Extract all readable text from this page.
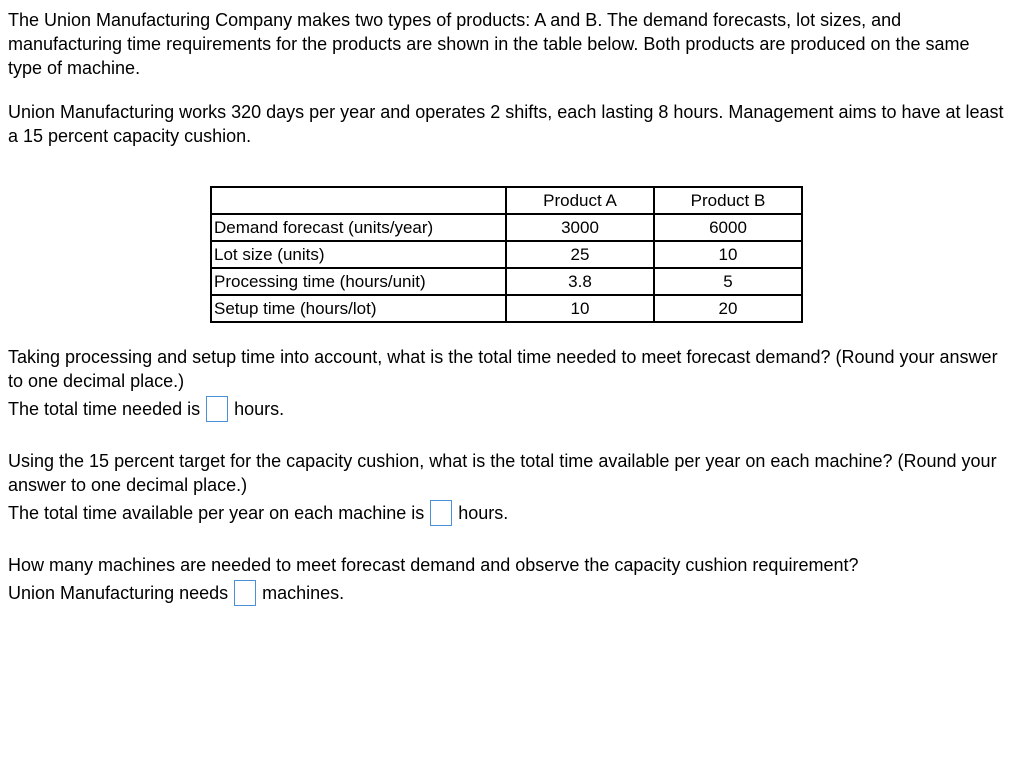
The Union Manufacturing Company makes two types of products: A and B. The demand forecasts, lot sizes, and manufacturing time requirements for the products are shown in the table below. Both products are produced on the same type of machine.

Union Manufacturing works 320 days per year and operates 2 shifts, each lasting 8 hours. Management aims to have at least a 15 percent capacity cushion.

	Product A	Product B
Demand forecast (units/year)	3000	6000
Lot size (units)	25	10
Processing time (hours/unit)	3.8	5
Setup time (hours/lot)	10	20

Taking processing and setup time into account, what is the total time needed to meet forecast demand? (Round your answer to one decimal place.)

The total time needed is hours.

Using the 15 percent target for the capacity cushion, what is the total time available per year on each machine? (Round your answer to one decimal place.)

The total time available per year on each machine is hours.

How many machines are needed to meet forecast demand and observe the capacity cushion requirement?

Union Manufacturing needs machines.
